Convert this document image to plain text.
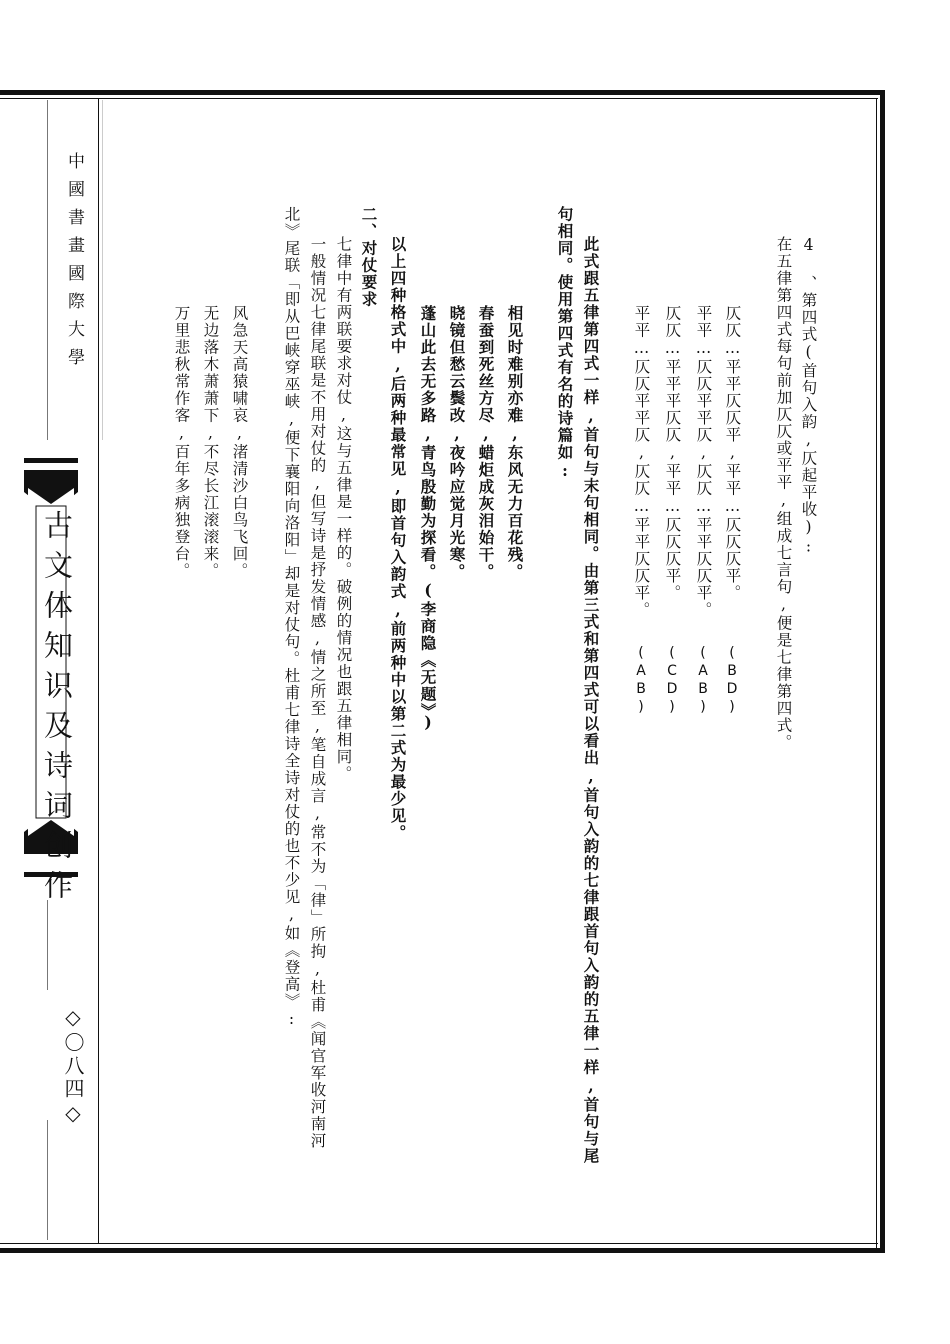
中國書畫國際大學
古文体知识及诗词创作
◇〇八四◇
4 、第四式(首句入韵,仄起平收):
在五律第四式每句前加仄仄或平平,组成七言句,便是七律第四式。
仄仄…平平仄仄平,平平…仄仄仄平。
(BD)
平平…仄仄平平仄,仄仄…平平仄仄平。
(AB)
仄仄…平平平仄仄,平平…仄仄仄平。
(CD)
平平…仄仄平平仄,仄仄…平平仄仄平。
(AB)
此式跟五律第四式一样,首句与末句相同。由第三式和第四式可以看出,首句入韵的七律跟首句入韵的五律一样,首句与尾
句相同。使用第四式有名的诗篇如:
相见时难别亦难,东风无力百花残。
春蚕到死丝方尽,蜡炬成灰泪始干。
晓镜但愁云鬓改,夜吟应觉月光寒。
蓬山此去无多路,青鸟殷勤为探看。(李商隐《无题》)
以上四种格式中,后两种最常见,即首句入韵式,前两种中以第二式为最少见。
二、对仗要求
七律中有两联要求对仗,这与五律是一样的。破例的情况也跟五律相同。
一般情况七律尾联是不用对仗的,但写诗是抒发情感,情之所至,笔自成言,常不为「律」所拘,杜甫《闻官军收河南河
北》尾联「即从巴峡穿巫峡,便下襄阳向洛阳」却是对仗句。杜甫七律诗全诗对仗的也不少见,如《登高》:
风急天高猿啸哀,渚清沙白鸟飞回。
无边落木萧萧下,不尽长江滚滚来。
万里悲秋常作客,百年多病独登台。
